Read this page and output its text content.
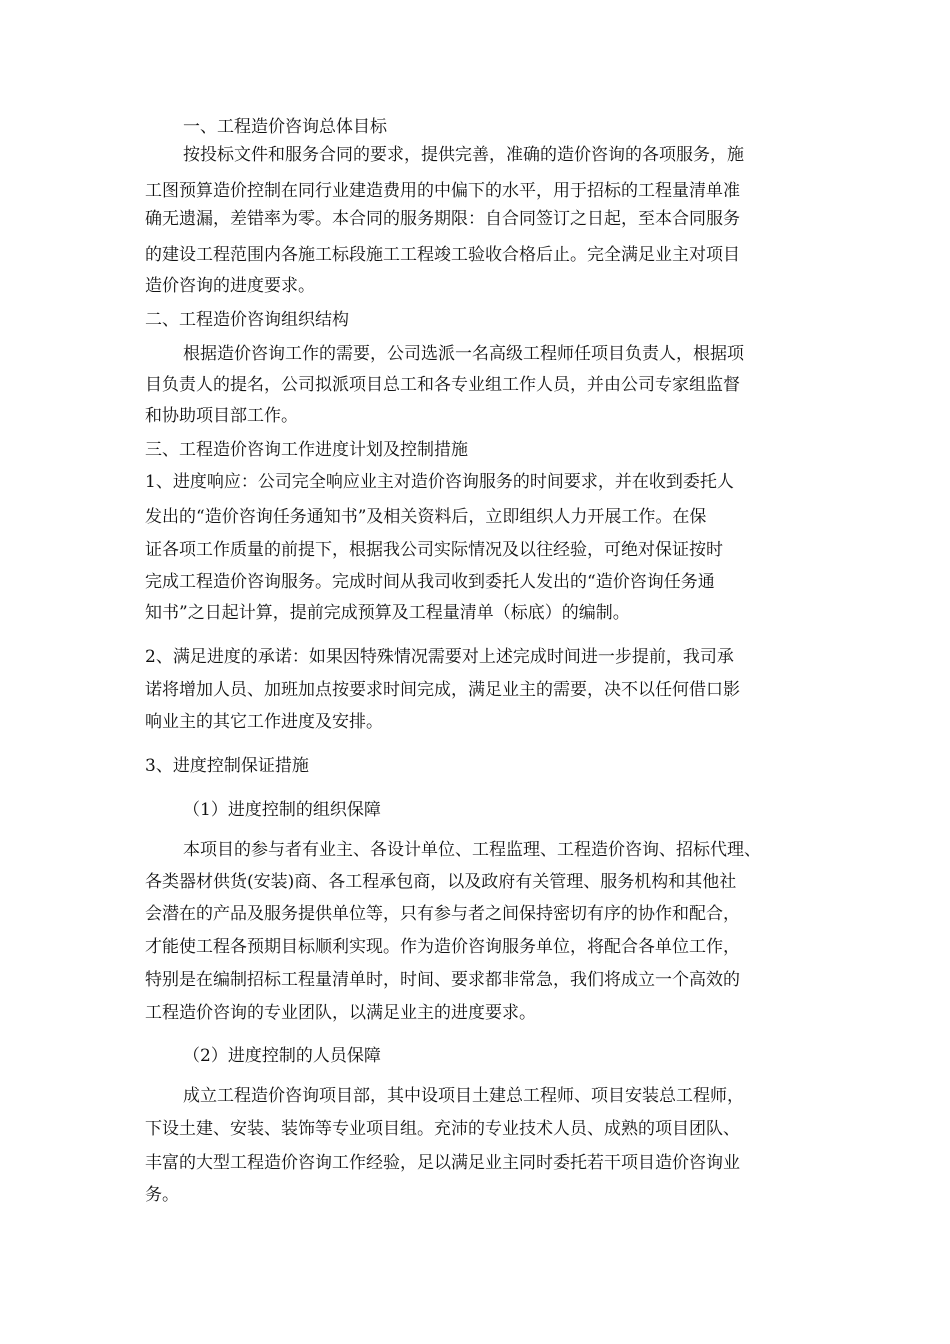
一、工程造价咨询总体目标
按投标文件和服务合同的要求，提供完善，准确的造价咨询的各项服务，施
工图预算造价控制在同行业建造费用的中偏下的水平，用于招标的工程量清单准
确无遗漏，差错率为零。本合同的服务期限：自合同签订之日起，至本合同服务
的建设工程范围内各施工标段施工工程竣工验收合格后止。完全满足业主对项目
造价咨询的进度要求。
二、工程造价咨询组织结构
根据造价咨询工作的需要，公司选派一名高级工程师任项目负责人，根据项
目负责人的提名，公司拟派项目总工和各专业组工作人员，并由公司专家组监督
和协助项目部工作。
三、工程造价咨询工作进度计划及控制措施
1、进度响应：公司完全响应业主对造价咨询服务的时间要求，并在收到委托人
发出的“造价咨询任务通知书”及相关资料后，立即组织人力开展工作。在保
证各项工作质量的前提下，根据我公司实际情况及以往经验，可绝对保证按时
完成工程造价咨询服务。完成时间从我司收到委托人发出的“造价咨询任务通
知书”之日起计算，提前完成预算及工程量清单（标底）的编制。
2、满足进度的承诺：如果因特殊情况需要对上述完成时间进一步提前，我司承
诺将增加人员、加班加点按要求时间完成，满足业主的需要，决不以任何借口影
响业主的其它工作进度及安排。
3、进度控制保证措施
（1）进度控制的组织保障
本项目的参与者有业主、各设计单位、工程监理、工程造价咨询、招标代理、
各类器材供货(安装)商、各工程承包商，以及政府有关管理、服务机构和其他社
会潜在的产品及服务提供单位等，只有参与者之间保持密切有序的协作和配合，
才能使工程各预期目标顺利实现。作为造价咨询服务单位，将配合各单位工作，
特别是在编制招标工程量清单时，时间、要求都非常急，我们将成立一个高效的
工程造价咨询的专业团队，以满足业主的进度要求。
（2）进度控制的人员保障
成立工程造价咨询项目部，其中设项目土建总工程师、项目安装总工程师，
下设土建、安装、装饰等专业项目组。充沛的专业技术人员、成熟的项目团队、
丰富的大型工程造价咨询工作经验，足以满足业主同时委托若干项目造价咨询业
务。
